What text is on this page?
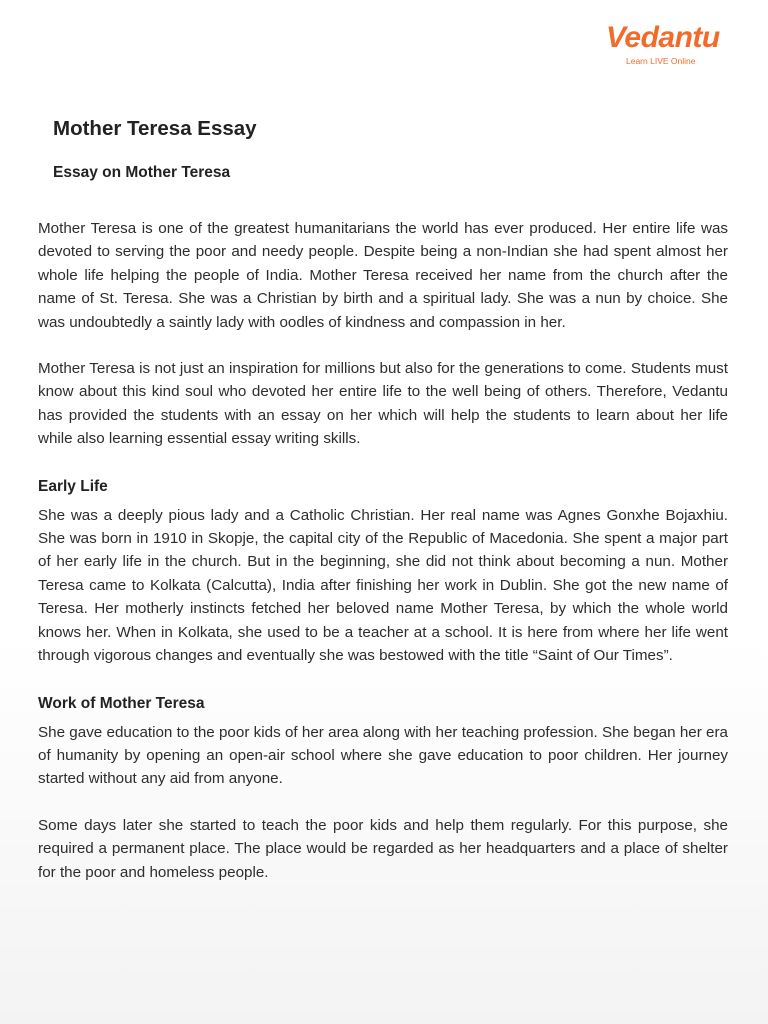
Vedantu
Learn LIVE Online
Mother Teresa Essay
Essay on Mother Teresa

Mother Teresa is one of the greatest humanitarians the world has ever produced. Her entire life was devoted to serving the poor and needy people. Despite being a non-Indian she had spent almost her whole life helping the people of India. Mother Teresa received her name from the church after the name of St. Teresa. She was a Christian by birth and a spiritual lady. She was a nun by choice. She was undoubtedly a saintly lady with oodles of kindness and compassion in her.

Mother Teresa is not just an inspiration for millions but also for the generations to come. Students must know about this kind soul who devoted her entire life to the well being of others. Therefore, Vedantu has provided the students with an essay on her which will help the students to learn about her life while also learning essential essay writing skills.

Early Life

She was a deeply pious lady and a Catholic Christian. Her real name was Agnes Gonxhe Bojaxhiu. She was born in 1910 in Skopje, the capital city of the Republic of Macedonia. She spent a major part of her early life in the church. But in the beginning, she did not think about becoming a nun. Mother Teresa came to Kolkata (Calcutta), India after finishing her work in Dublin. She got the new name of Teresa. Her motherly instincts fetched her beloved name Mother Teresa, by which the whole world knows her. When in Kolkata, she used to be a teacher at a school. It is here from where her life went through vigorous changes and eventually she was bestowed with the title “Saint of Our Times”.

Work of Mother Teresa

She gave education to the poor kids of her area along with her teaching profession. She began her era of humanity by opening an open-air school where she gave education to poor children. Her journey started without any aid from anyone.

Some days later she started to teach the poor kids and help them regularly. For this purpose, she required a permanent place. The place would be regarded as her headquarters and a place of shelter for the poor and homeless people.
